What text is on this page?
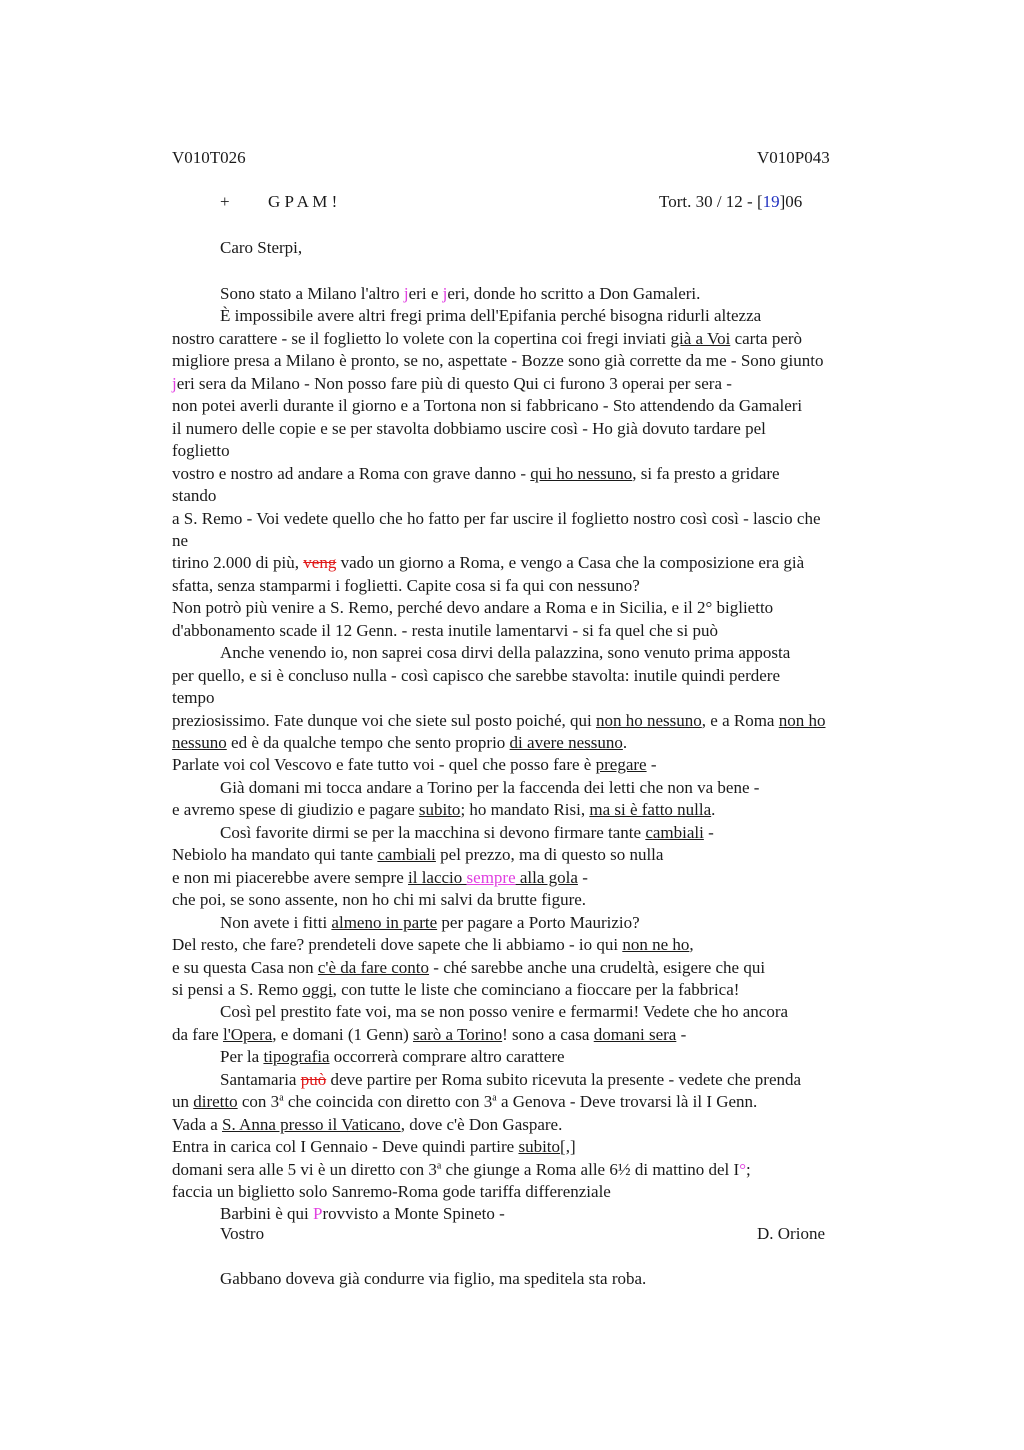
V010T026	V010P043
+ G P A M !	Tort. 30 / 12 - [19]06
Caro Sterpi,
Sono stato a Milano l'altro jeri e jeri, donde ho scritto a Don Gamaleri.
È impossibile avere altri fregi prima dell'Epifania perché bisogna ridurli altezza
nostro carattere - se il foglietto lo volete con la copertina coi fregi inviati già a Voi carta però
migliore presa a Milano è pronto, se no, aspettate - Bozze sono già corrette da me - Sono giunto
jeri sera da Milano - Non posso fare più di questo Qui ci furono 3 operai per sera -
non potei averli durante il giorno e a Tortona non si fabbricano - Sto attendendo da Gamaleri
il numero delle copie e se per stavolta dobbiamo uscire così - Ho già dovuto tardare pel
foglietto
vostro e nostro ad andare a Roma con grave danno - qui ho nessuno, si fa presto a gridare
stando
a S. Remo - Voi vedete quello che ho fatto per far uscire il foglietto nostro così così - lascio che
ne
tirino 2.000 di più, veng vado un giorno a Roma, e vengo a Casa che la composizione era già
sfatta, senza stamparmi i foglietti. Capite cosa si fa qui con nessuno?
Non potrò più venire a S. Remo, perché devo andare a Roma e in Sicilia, e il 2° biglietto
d'abbonamento scade il 12 Genn. - resta inutile lamentarvi - si fa quel che si può
Anche venendo io, non saprei cosa dirvi della palazzina, sono venuto prima apposta
per quello, e si è concluso nulla - così capisco che sarebbe stavolta: inutile quindi perdere
tempo
preziosissimo. Fate dunque voi che siete sul posto poiché, qui non ho nessuno, e a Roma non ho
nessuno ed è da qualche tempo che sento proprio di avere nessuno.
Parlate voi col Vescovo e fate tutto voi - quel che posso fare è pregare -
Già domani mi tocca andare a Torino per la faccenda dei letti che non va bene -
e avremo spese di giudizio e pagare subito; ho mandato Risi, ma si è fatto nulla.
Così favorite dirmi se per la macchina si devono firmare tante cambiali -
Nebiolo ha mandato qui tante cambiali pel prezzo, ma di questo so nulla
e non mi piacerebbe avere sempre il laccio sempre alla gola -
che poi, se sono assente, non ho chi mi salvi da brutte figure.
Non avete i fitti almeno in parte per pagare a Porto Maurizio?
Del resto, che fare? prendeteli dove sapete che li abbiamo - io qui non ne ho,
e su questa Casa non c'è da fare conto - ché sarebbe anche una crudeltà, esigere che qui
si pensi a S. Remo oggi, con tutte le liste che cominciano a fioccare per la fabbrica!
Così pel prestito fate voi, ma se non posso venire e fermarmi! Vedete che ho ancora
da fare l'Opera, e domani (1 Genn) sarò a Torino! sono a casa domani sera -
Per la tipografia occorrerà comprare altro carattere
Santamaria può deve partire per Roma subito ricevuta la presente - vedete che prenda
un diretto con 3$^a$ che coincida con diretto con 3$^a$ a Genova - Deve trovarsi là il I Genn.
Vada a S. Anna presso il Vaticano, dove c'è Don Gaspare.
Entra in carica col I Gennaio - Deve quindi partire subito[,]
domani sera alle 5 vi è un diretto con 3$^a$ che giunge a Roma alle 6½ di mattino del I°;
faccia un biglietto solo Sanremo-Roma gode tariffa differenziale
Barbini è qui Provvisto a Monte Spineto -
Vostro	D. Orione
Gabbano doveva già condurre via figlio, ma speditela sta roba.
